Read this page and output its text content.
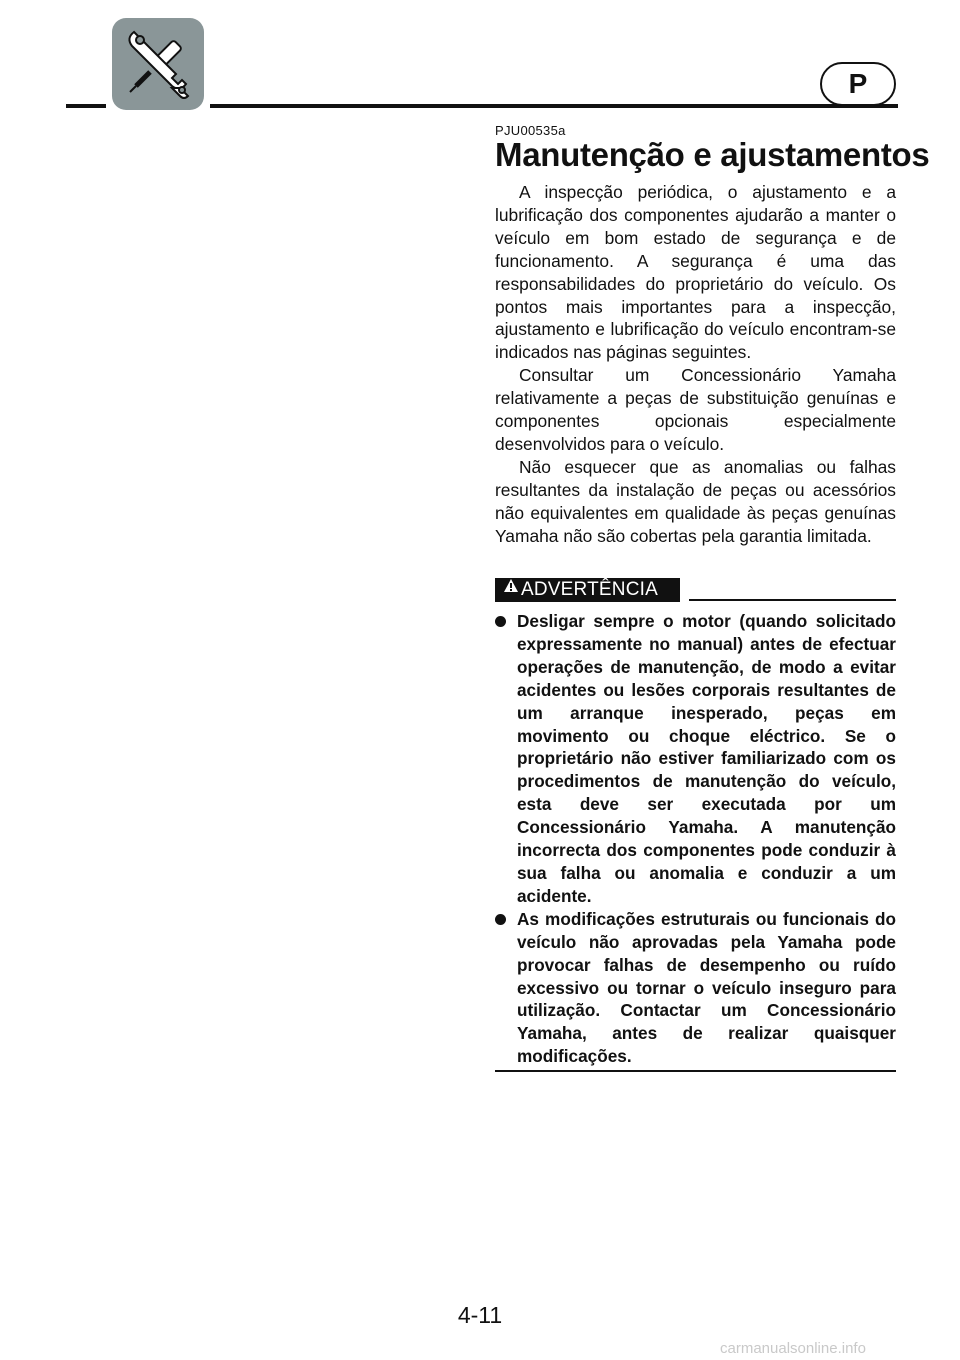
P
PJU00535a
Manutenção e ajustamentos

A inspecção periódica, o ajustamento e a lubrificação dos componentes ajudarão a manter o veículo em bom estado de segurança e de funcionamento. A segurança é uma das responsabilidades do proprietário do veículo. Os pontos mais importantes para a inspecção, ajustamento e lubrificação do veículo encontram-se indicados nas páginas seguintes.

Consultar um Concessionário Yamaha relativamente a peças de substituição genuínas e componentes opcionais especialmente desenvolvidos para o veículo.

Não esquecer que as anomalias ou falhas resultantes da instalação de peças ou acessórios não equivalentes em qualidade às peças genuínas Yamaha não são cobertas pela garantia limitada.

ADVERTÊNCIA
Desligar sempre o motor (quando solicitado expressamente no manual) antes de efectuar operações de manutenção, de modo a evitar acidentes ou lesões corporais resultantes de um arranque inesperado, peças em movimento ou choque eléctrico. Se o proprietário não estiver familiarizado com os procedimentos de manutenção do veículo, esta deve ser executada por um Concessionário Yamaha. A manutenção incorrecta dos componentes pode conduzir à sua falha ou anomalia e conduzir a um acidente.
As modificações estruturais ou funcionais do veículo não aprovadas pela Yamaha pode provocar falhas de desempenho ou ruído excessivo ou tornar o veículo inseguro para utilização. Contactar um Concessionário Yamaha, antes de realizar quaisquer modificações.
4-11
carmanualsonline.info
